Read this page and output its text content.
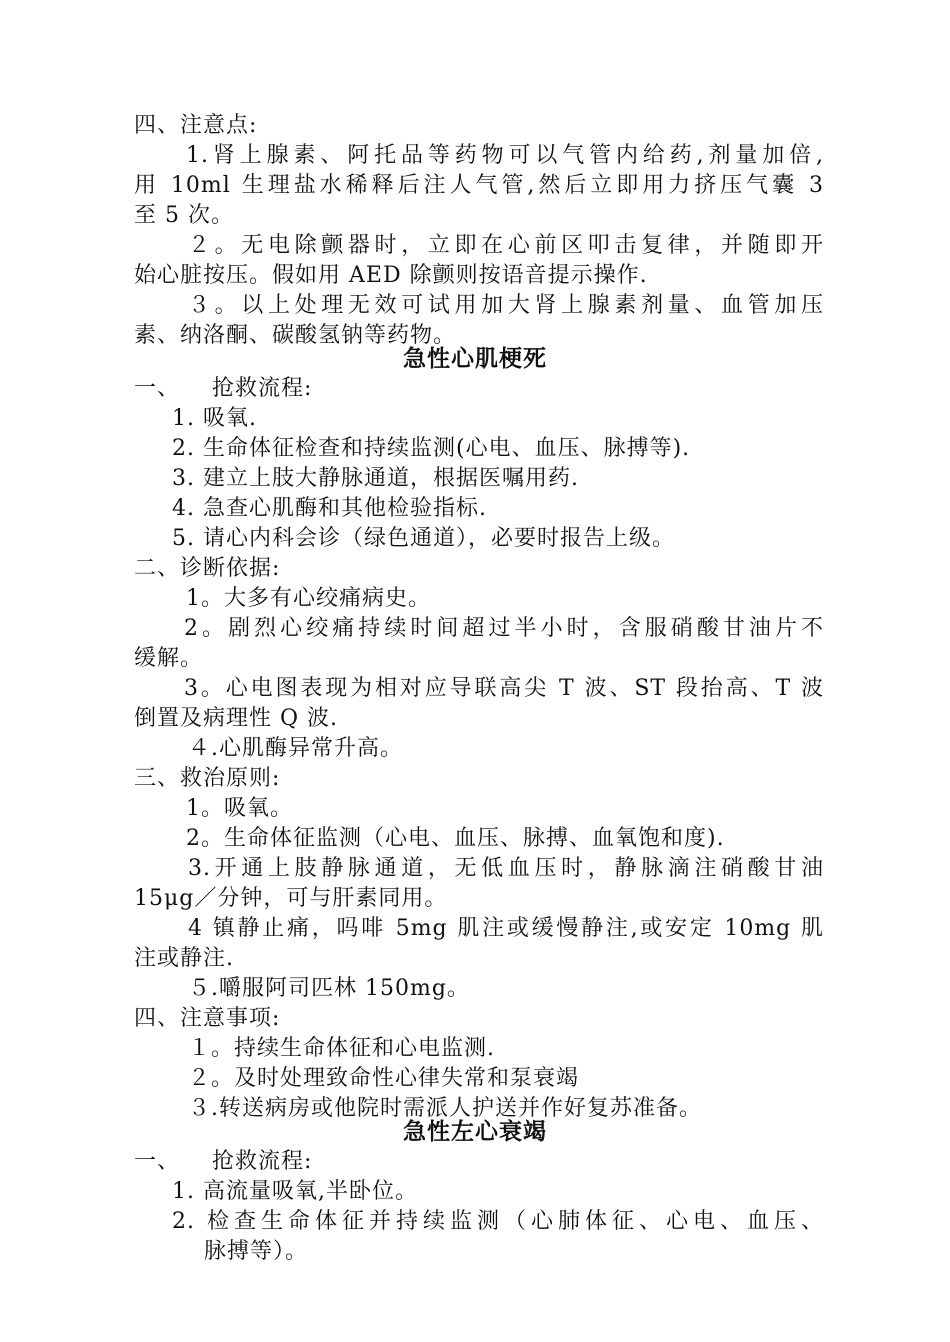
四、注意点:
1.肾上腺素、阿托品等药物可以气管内给药,剂量加倍,
用 10ml 生理盐水稀释后注人气管,然后立即用力挤压气囊 3
至 5 次。
２。无电除颤器时，立即在心前区叩击复律，并随即开
始心脏按压。假如用 AED 除颤则按语音提示操作.
３。以上处理无效可试用加大肾上腺素剂量、血管加压
素、纳洛酮、碳酸氢钠等药物。
急性心肌梗死
一、    抢救流程:
1. 吸氧.
2. 生命体征检查和持续监测(心电、血压、脉搏等).
3. 建立上肢大静脉通道，根据医嘱用药.
4. 急查心肌酶和其他检验指标.
5. 请心内科会诊（绿色通道），必要时报告上级。
二、诊断依据:
1。大多有心绞痛病史。
2。剧烈心绞痛持续时间超过半小时，含服硝酸甘油片不
缓解。
3。心电图表现为相对应导联高尖 T 波、ST 段抬高、T 波
倒置及病理性 Q 波.
４.心肌酶异常升高。
三、救治原则:
1。吸氧。
2。生命体征监测（心电、血压、脉搏、血氧饱和度).
3.开通上肢静脉通道，无低血压时，静脉滴注硝酸甘油
15μg／分钟，可与肝素同用。
4 镇静止痛，吗啡 5mg 肌注或缓慢静注,或安定 10mg 肌
注或静注.
５.嚼服阿司匹林 150mg。
四、注意事项:
１。持续生命体征和心电监测.
２。及时处理致命性心律失常和泵衰竭
３.转送病房或他院时需派人护送并作好复苏准备。
急性左心衰竭
一、    抢救流程:
1. 高流量吸氧,半卧位。
2. 检查生命体征并持续监测（心肺体征、心电、血压、
脉搏等）。
